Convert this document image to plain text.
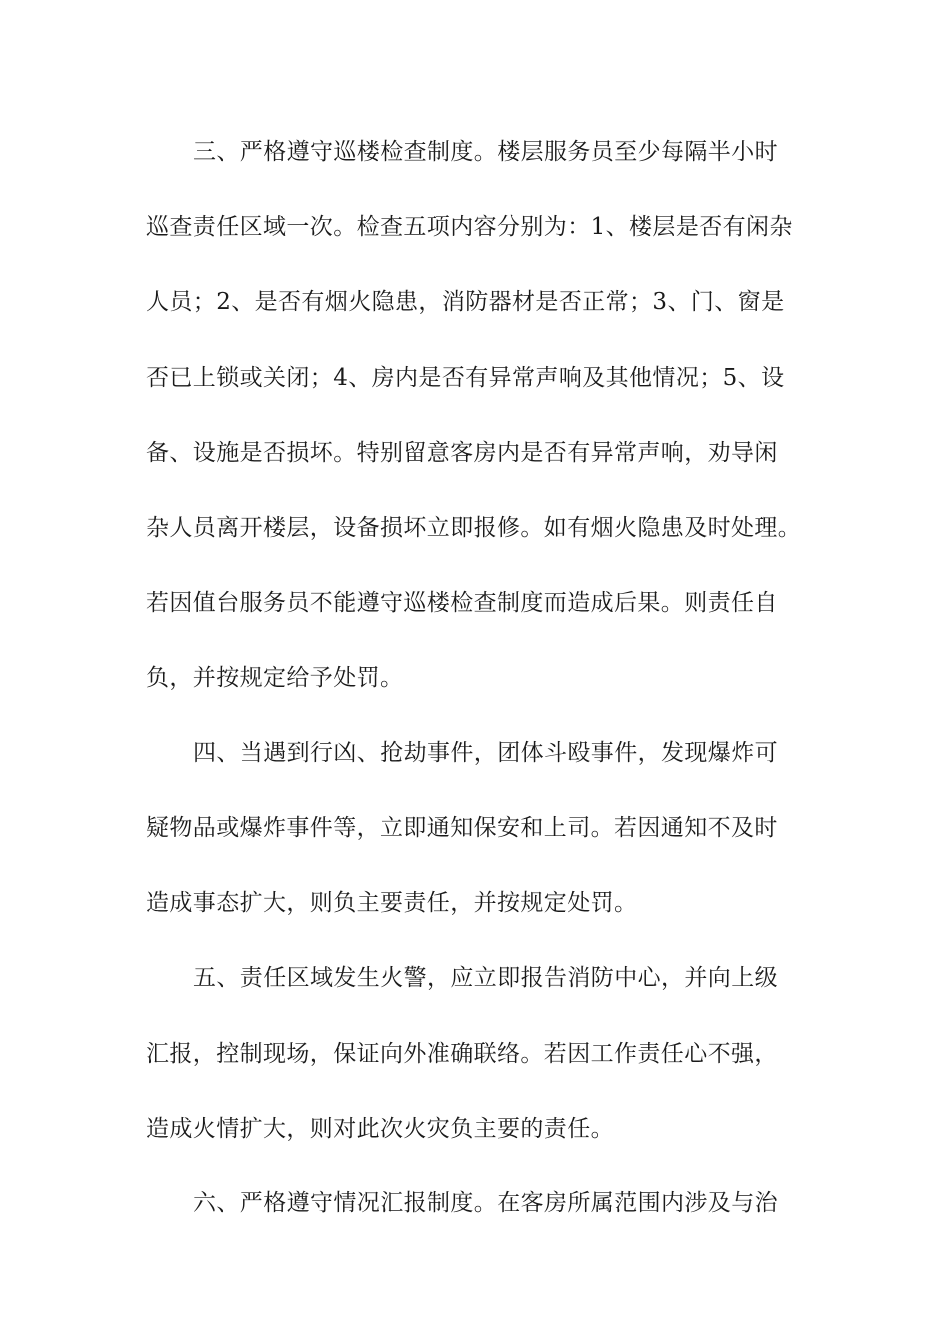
三、严格遵守巡楼检查制度。楼层服务员至少每隔半小时
巡查责任区域一次。检查五项内容分别为：1、楼层是否有闲杂
人员；2、是否有烟火隐患，消防器材是否正常；3、门、窗是
否已上锁或关闭；4、房内是否有异常声响及其他情况；5、设
备、设施是否损坏。特别留意客房内是否有异常声响，劝导闲
杂人员离开楼层，设备损坏立即报修。如有烟火隐患及时处理。
若因值台服务员不能遵守巡楼检查制度而造成后果。则责任自
负，并按规定给予处罚。
四、当遇到行凶、抢劫事件，团体斗殴事件，发现爆炸可
疑物品或爆炸事件等，立即通知保安和上司。若因通知不及时
造成事态扩大，则负主要责任，并按规定处罚。
五、责任区域发生火警，应立即报告消防中心，并向上级
汇报，控制现场，保证向外准确联络。若因工作责任心不强，
造成火情扩大，则对此次火灾负主要的责任。
六、严格遵守情况汇报制度。在客房所属范围内涉及与治
